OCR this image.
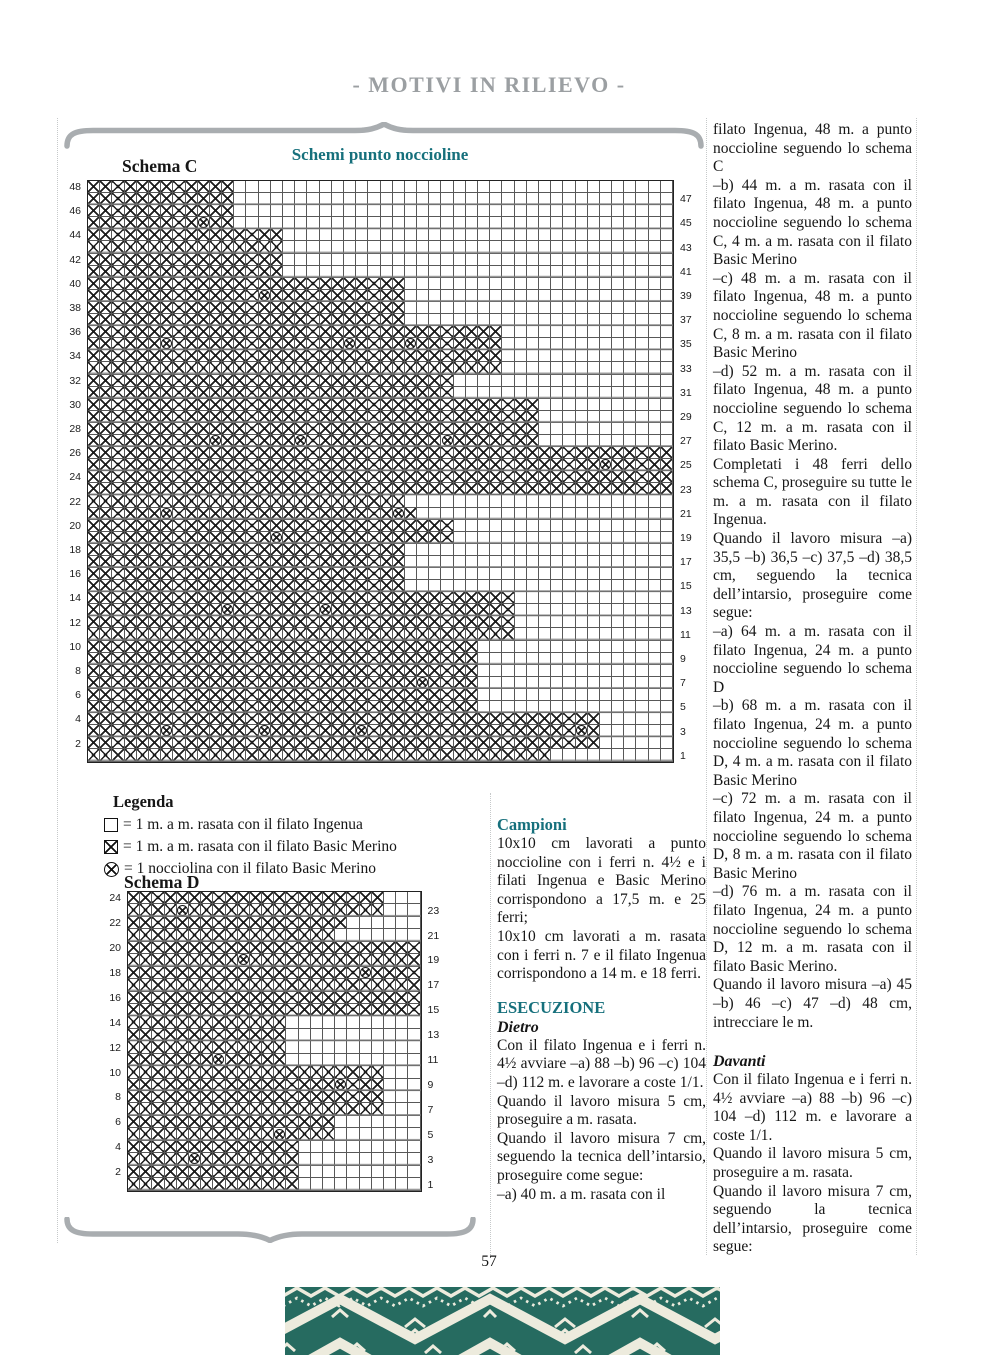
- MOTIVI IN RILIEVO -
Schemi punto noccioline
Schema C
48
47
46
45
44
43
42
41
40
39
38
37
36
35
34
33
32
31
30
29
28
27
26
25
24
23
22
21
20
19
18
17
16
15
14
13
12
11
10
9
8
7
6
5
4
3
2
1
Legenda
= 1 m. a m. rasata con il filato Ingenua
= 1 m. a m. rasata con il filato Basic Merino
= 1 nocciolina con il filato Basic Merino
Schema D
24
23
22
21
20
19
18
17
16
15
14
13
12
11
10
9
8
7
6
5
4
3
2
1
Campioni

10x10 cm lavorati a punto noccioline con i ferri n. 4½ e i filati Ingenua e Basic Merino corrispondono a 17,5 m. e 25 ferri;

10x10 cm lavorati a m. rasata con i ferri n. 7 e il filato Ingenua corrispondono a 14 m. e 18 ferri.

ESECUZIONE
Dietro

Con il filato Ingenua e i ferri n. 4½ avviare –a) 88 –b) 96 –c) 104 –d) 112 m. e lavorare a coste 1/1.

Quando il lavoro misura 5 cm, proseguire a m. rasata.

Quando il lavoro misura 7 cm, seguendo la tecnica dell’intarsio, proseguire come segue:

–a) 40 m. a m. rasata con il

filato Ingenua, 48 m. a punto noccioline seguendo lo schema C

–b) 44 m. a m. rasata con il filato Ingenua, 48 m. a punto noccioline seguendo lo schema C, 4 m. a m. rasata con il filato Basic Merino

–c) 48 m. a m. rasata con il filato Ingenua, 48 m. a punto noccioline seguendo lo schema C, 8 m. a m. rasata con il filato Basic Merino

–d) 52 m. a m. rasata con il filato Ingenua, 48 m. a punto noccioline seguendo lo schema C, 12 m. a m. rasata con il filato Basic Merino.

Completati i 48 ferri dello schema C, proseguire su tutte le m. a m. rasata con il filato Ingenua.

Quando il lavoro misura –a) 35,5 –b) 36,5 –c) 37,5 –d) 38,5 cm, seguendo la tecnica dell’intarsio, proseguire come segue:

–a) 64 m. a m. rasata con il filato Ingenua, 24 m. a punto noccioline seguendo lo schema D

–b) 68 m. a m. rasata con il filato Ingenua, 24 m. a punto noccioline seguendo lo schema D, 4 m. a m. rasata con il filato Basic Merino

–c) 72 m. a m. rasata con il filato Ingenua, 24 m. a punto noccioline seguendo lo schema D, 8 m. a m. rasata con il filato Basic Merino

–d) 76 m. a m. rasata con il filato Ingenua, 24 m. a punto noccioline seguendo lo schema D, 12 m. a m. rasata con il filato Basic Merino.

Quando il lavoro misura –a) 45 –b) 46 –c) 47 –d) 48 cm, intrecciare le m.

Davanti

Con il filato Ingenua e i ferri n. 4½ avviare –a) 88 –b) 96 –c) 104 –d) 112 m. e lavorare a coste 1/1.

Quando il lavoro misura 5 cm, proseguire a m. rasata.

Quando il lavoro misura 7 cm, seguendo la tecnica dell’intarsio, proseguire come segue:

57
